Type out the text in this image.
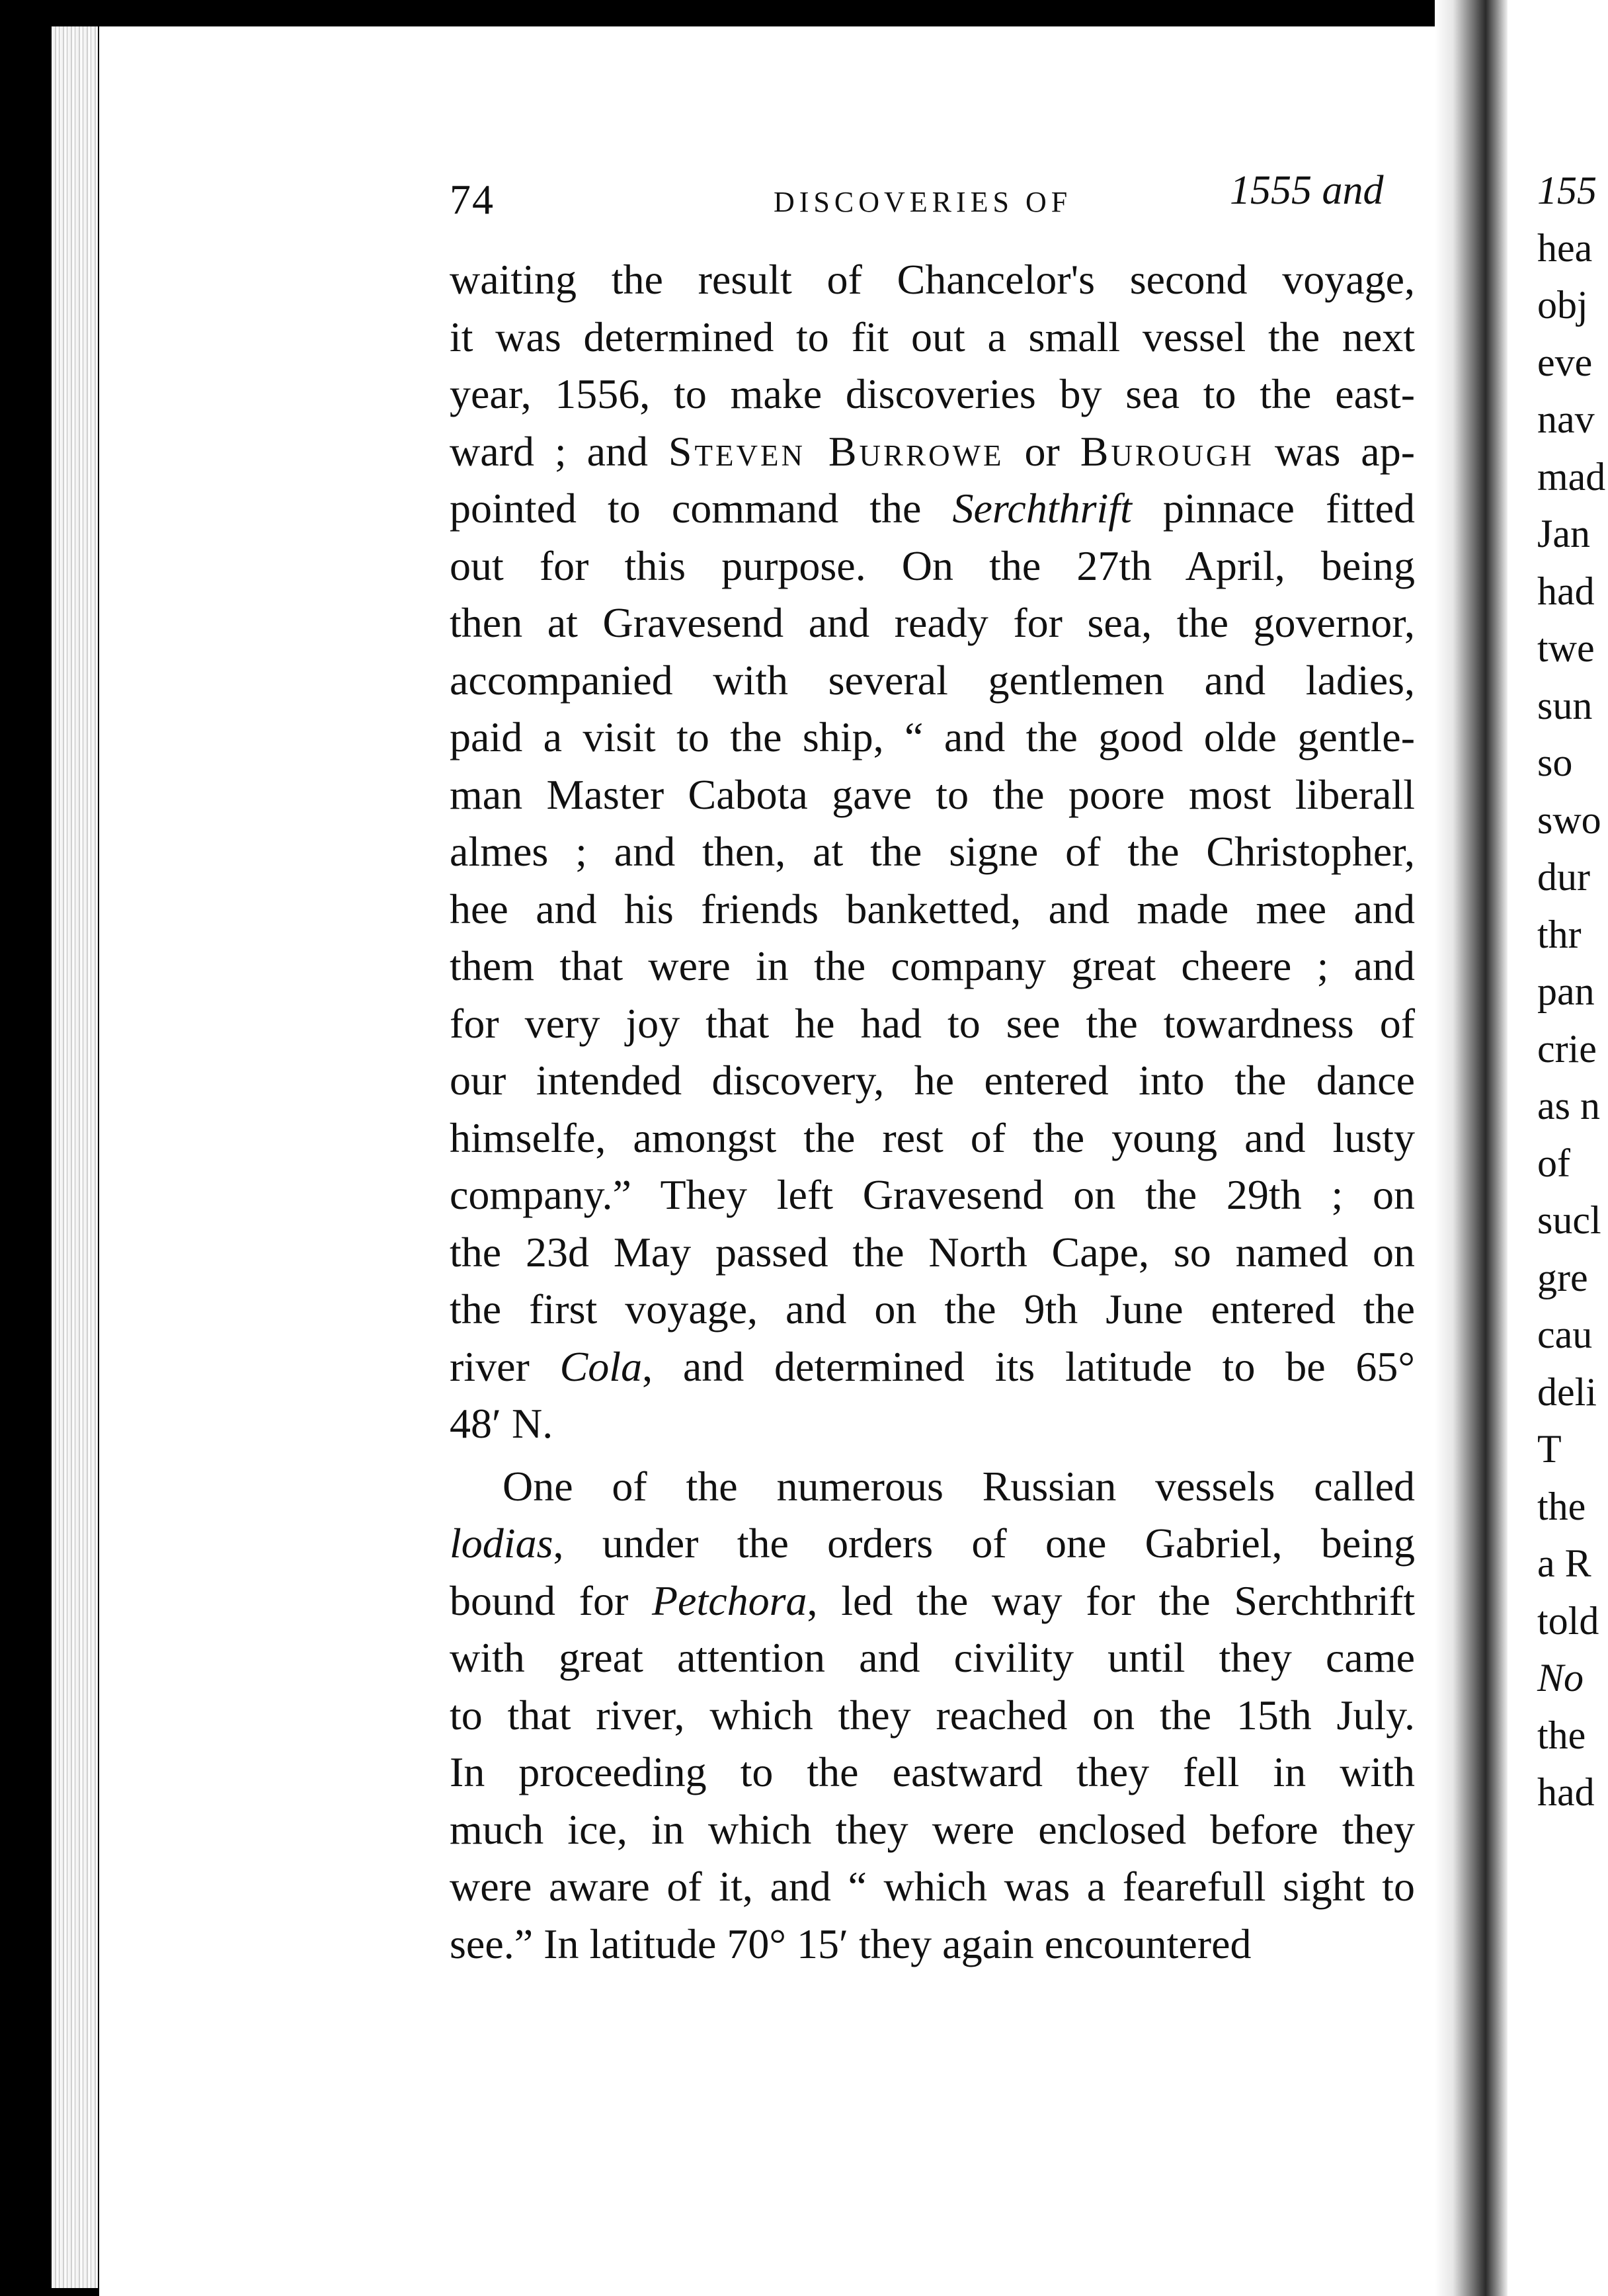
74	DISCOVERIES OF	1555 and
waiting the result of Chancelor's second voyage,
it was determined to fit out a small vessel the next
year, 1556, to make discoveries by sea to the east-
ward ; and Steven Burrowe or Burough was ap-
pointed to command the Serchthrift pinnace fitted
out for this purpose. On the 27th April, being
then at Gravesend and ready for sea, the governor,
accompanied with several gentlemen and ladies,
paid a visit to the ship, “ and the good olde gentle-
man Master Cabota gave to the poore most liberall
almes ; and then, at the signe of the Christopher,
hee and his friends banketted, and made mee and
them that were in the company great cheere ; and
for very joy that he had to see the towardness of
our intended discovery, he entered into the dance
himselfe, amongst the rest of the young and lusty
company.” They left Gravesend on the 29th ; on
the 23d May passed the North Cape, so named on
the first voyage, and on the 9th June entered the
river Cola, and determined its latitude to be 65°
48′ N.
One of the numerous Russian vessels called
lodias, under the orders of one Gabriel, being
bound for Petchora, led the way for the Serchthrift
with great attention and civility until they came
to that river, which they reached on the 15th July.
In proceeding to the eastward they fell in with
much ice, in which they were enclosed before they
were aware of it, and “ which was a fearefull sight to
see.” In latitude 70° 15′ they again encountered
155
hea
obj
eve
nav
mad
Jan
had
twe
sun
so
swo
dur
thr
pan
crie
as n
of
sucl
gre
cau
deli
T
the
a R
told
No
the
had
